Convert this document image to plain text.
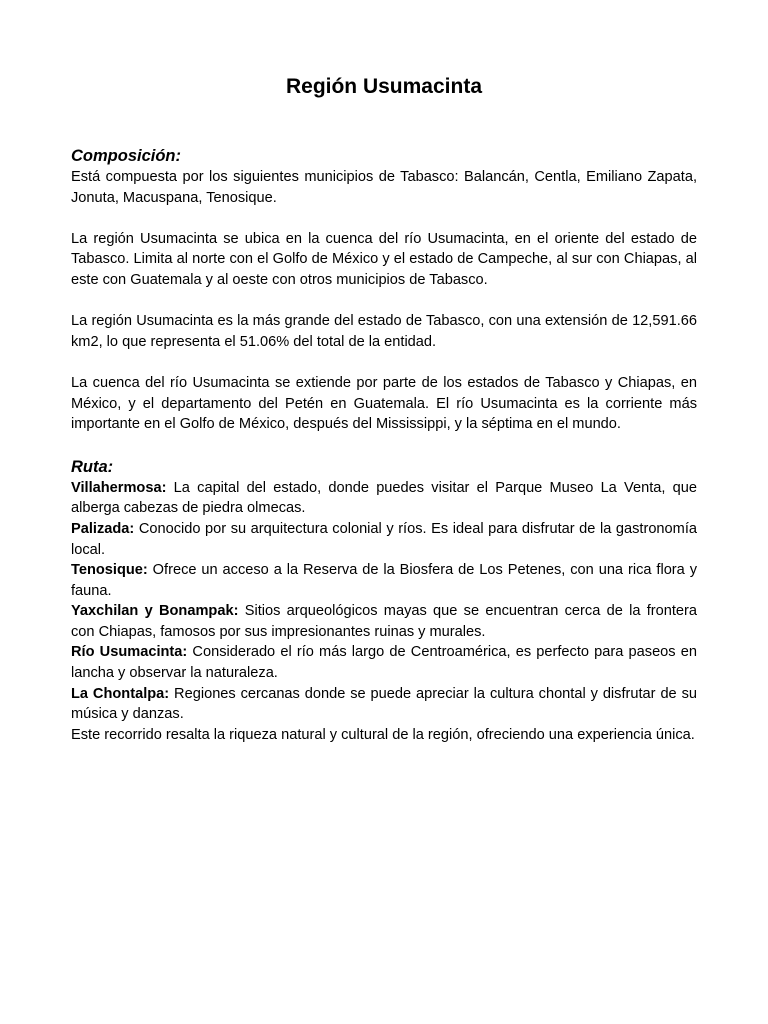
Región Usumacinta
Composición:

Está compuesta por los siguientes municipios de Tabasco: Balancán, Centla, Emiliano Zapata, Jonuta, Macuspana, Tenosique.

La región Usumacinta se ubica en la cuenca del río Usumacinta, en el oriente del estado de Tabasco. Limita al norte con el Golfo de México y el estado de Campeche, al sur con Chiapas, al este con Guatemala y al oeste con otros municipios de Tabasco.

La región Usumacinta es la más grande del estado de Tabasco, con una extensión de 12,591.66 km2, lo que representa el 51.06% del total de la entidad.

La cuenca del río Usumacinta se extiende por parte de los estados de Tabasco y Chiapas, en México, y el departamento del Petén en Guatemala. El río Usumacinta es la corriente más importante en el Golfo de México, después del Mississippi, y la séptima en el mundo.

Ruta:

Villahermosa: La capital del estado, donde puedes visitar el Parque Museo La Venta, que alberga cabezas de piedra olmecas.

Palizada: Conocido por su arquitectura colonial y ríos. Es ideal para disfrutar de la gastronomía local.

Tenosique: Ofrece un acceso a la Reserva de la Biosfera de Los Petenes, con una rica flora y fauna.

Yaxchilan y Bonampak: Sitios arqueológicos mayas que se encuentran cerca de la frontera con Chiapas, famosos por sus impresionantes ruinas y murales.

Río Usumacinta: Considerado el río más largo de Centroamérica, es perfecto para paseos en lancha y observar la naturaleza.

La Chontalpa: Regiones cercanas donde se puede apreciar la cultura chontal y disfrutar de su música y danzas.

Este recorrido resalta la riqueza natural y cultural de la región, ofreciendo una experiencia única.
